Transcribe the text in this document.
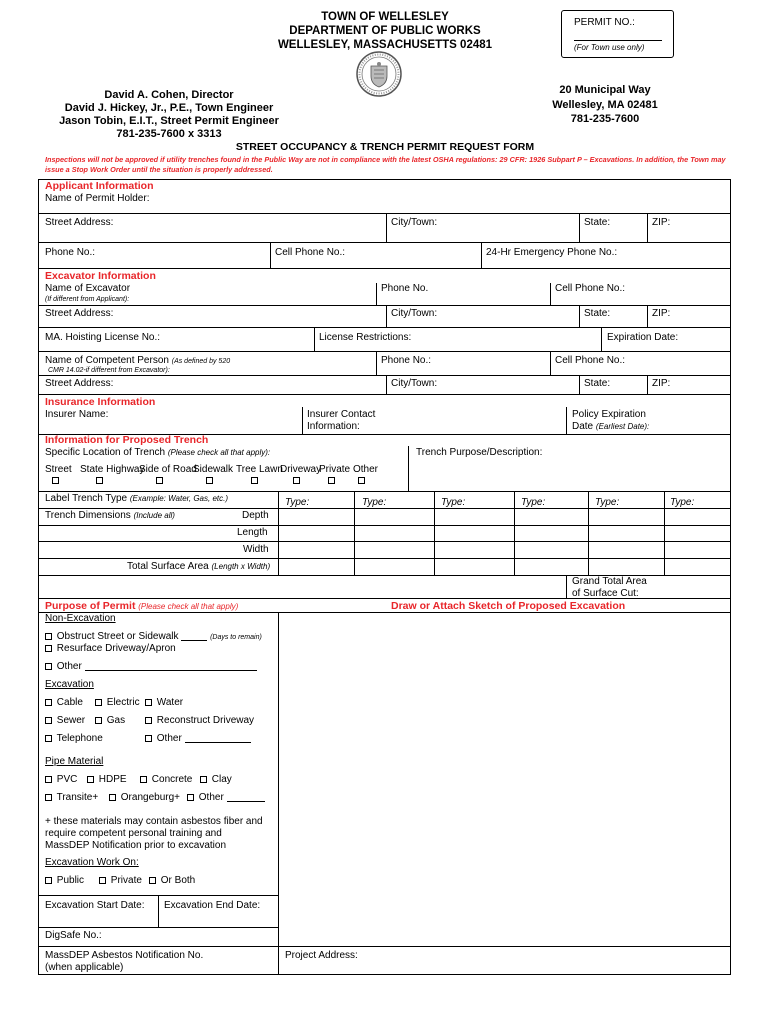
TOWN OF WELLESLEY
DEPARTMENT OF PUBLIC WORKS
WELLESLEY, MASSACHUSETTS 02481
PERMIT NO.:
(For Town use only)
David A. Cohen, Director
David J. Hickey, Jr., P.E., Town Engineer
Jason Tobin, E.I.T., Street Permit Engineer
781-235-7600 x 3313
20 Municipal Way
Wellesley, MA 02481
781-235-7600
STREET OCCUPANCY & TRENCH PERMIT REQUEST FORM
Inspections will not be approved if utility trenches found in the Public Way are not in compliance with the latest OSHA regulations: 29 CFR: 1926 Subpart P – Excavations. In addition, the Town may issue a Stop Work Order until the situation is properly addressed.
Applicant Information
Name of Permit Holder:
Street Address:	City/Town:	State:	ZIP:
Phone No.:	Cell Phone No.:	24-Hr Emergency Phone No.:
Excavator Information
Name of Excavator
(If different from Applicant):
Phone No.	Cell Phone No.:
Street Address:	City/Town:	State:	ZIP:
MA. Hoisting License No.:	License Restrictions:	Expiration Date:
Name of Competent Person (As defined by 520
CMR 14.02-if different from Excavator):
Phone No.:	Cell Phone No.:
Street Address:	City/Town:	State:	ZIP:
Insurance Information
Insurer Name:	Insurer Contact
Information:
Policy Expiration
Date (Earliest Date):
Information for Proposed Trench
Specific Location of Trench (Please check all that apply):	Trench Purpose/Description:
Street State Highway
Side of Road
Sidewalk Tree Lawn
Driveway
Private Other
Label Trench Type (Example: Water, Gas, etc.)	Type:	Type:	Type:	Type:	Type:	Type:
Trench Dimensions (Include all)	Depth
Length
Width
Total Surface Area (Length x Width)
Grand Total Area
of Surface Cut:
Purpose of Permit (Please check all that apply)	Draw or Attach Sketch of Proposed Excavation
Non-Excavation
Obstruct Street or Sidewalk	(Days to remain)
Resurface Driveway/Apron
Other
Excavation
Cable	Electric	Water
Sewer	Gas	Reconstruct Driveway
Telephone	Other
Pipe Material
PVC	HDPE	Concrete	Clay
Transite+	Orangeburg+	Other
+ these materials may contain asbestos fiber and
require competent personal training and
MassDEP Notification prior to excavation
Excavation Work On:
Public	Private	Or Both
Excavation Start Date: Excavation End Date:
DigSafe No.:
MassDEP Asbestos Notification No.
(when applicable)
Project Address:
